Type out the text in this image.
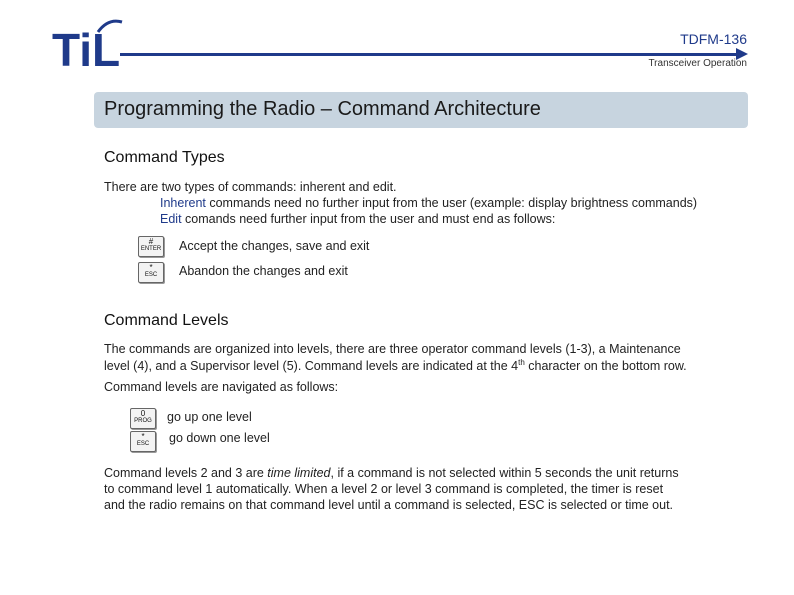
TiL	TDFM-136
Transceiver Operation
Programming the Radio – Command Architecture
Command Types
There are two types of commands: inherent and edit.
Inherent commands need no further input from the user (example: display brightness commands)
Edit comands need further input from the user and must end as follows:
#
ENTER Accept the changes, save and exit
*
ESC	Abandon the changes and exit
Command Levels
The commands are organized into levels, there are three operator command levels (1-3), a Maintenance
level (4), and a Supervisor level (5). Command levels are indicated at the 4th character on the bottom row.
Command levels are navigated as follows:
0
PROG go up one level
*
ESC	go down one level
Command levels 2 and 3 are time limited, if a command is not selected within 5 seconds the unit returns
to command level 1 automatically. When a level 2 or level 3 command is completed, the timer is reset
and the radio remains on that command level until a command is selected, ESC is selected or time out.
